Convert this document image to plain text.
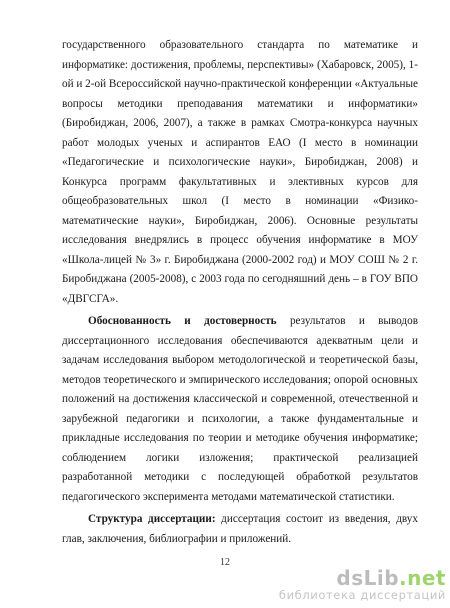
государственного образовательного стандарта по математике и информатике: достижения, проблемы, перспективы» (Хабаровск, 2005), 1-ой и 2-ой Всероссийской научно-практической конференции «Актуальные вопросы методики преподавания математики и информатики» (Биробиджан, 2006, 2007), а также в рамках Смотра-конкурса научных работ молодых ученых и аспирантов ЕАО (I место в номинации «Педагогические и психологические науки», Биробиджан, 2008) и Конкурса программ факультативных и элективных курсов для общеобразовательных школ (I место в номинации «Физико-математические науки», Биробиджан, 2006). Основные результаты исследования внедрялись в процесс обучения информатике в МОУ «Школа-лицей № 3» г. Биробиджана (2000-2002 год) и МОУ СОШ № 2 г. Биробиджана (2005-2008), с 2003 года по сегодняшний день – в ГОУ ВПО «ДВГСГА».

Обоснованность и достоверность результатов и выводов диссертационного исследования обеспечиваются адекватным цели и задачам исследования выбором методологической и теоретической базы, методов теоретического и эмпирического исследования; опорой основных положений на достижения классической и современной, отечественной и зарубежной педагогики и психологии, а также фундаментальные и прикладные исследования по теории и методике обучения информатике; соблюдением логики изложения; практической реализацией разработанной методики с последующей обработкой результатов педагогического эксперимента методами математической статистики.

Структура диссертации: диссертация состоит из введения, двух глав, заключения, библиографии и приложений.

12
dsLib.net
библиотека диссертаций
